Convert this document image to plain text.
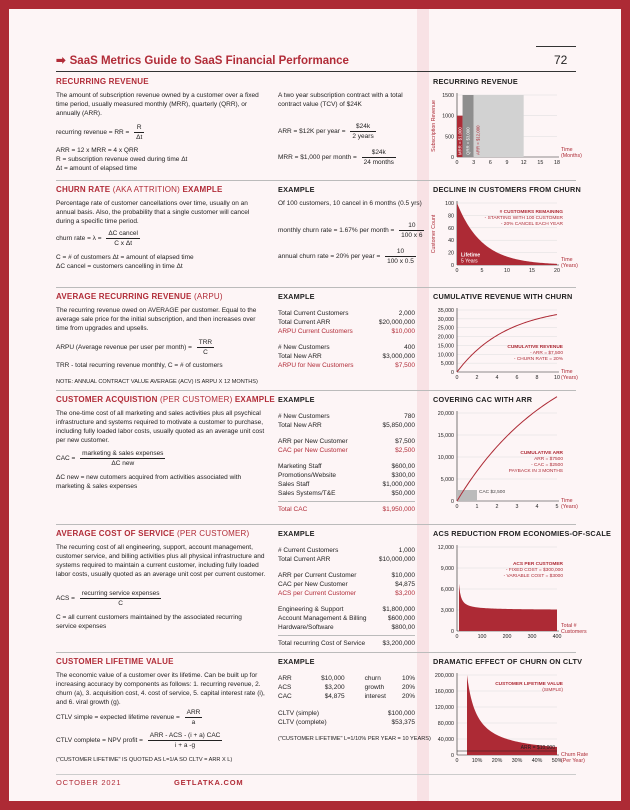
➡ SaaS Metrics Guide to SaaS Financial Performance	72
RECURRING REVENUE
The amount of subscription revenue owned by a customer over a fixed time period, usually measured monthly (MRR), quarterly (QRR), or annually (ARR).
recurring revenue = RR = $\frac{R}{\Delta t}$

ARR = 12 x MRR = 4 x QRR

R = subscription revenue owed during time Δt

Δt = amount of elapsed time

A two year subscription contract with a total contract value (TCV) of $24K
ARR = $12K per year = $\frac{\$24k}{\text{2 years}}$
MRR = $1,000 per month = $\frac{\$24k}{\text{24 months}}$
RECURRING REVENUE
0
500
1000
1500
0	3	6	9 12 15 18
Subscription Revenue	MRR = $1,000 QRR = $3,000 ARR = $12,000	Time
(Months)
CHURN RATE (AKA ATTRITION) EXAMPLE
Percentage rate of customer cancellations over time, usually on an annual basis. Also, the probability that a single customer will cancel during a specific time period.
churn rate = $\lambda = \frac{\text{ΔC cancel}}{\text{C x Δt}}$

C = # of customers Δt = amount of elapsed time

ΔC cancel = customers cancelling in time Δt

EXAMPLE
Of 100 customers, 10 cancel in 6 months (0.5 yrs)
monthly churn rate = 1.67% per month = $\frac{10}{100 x 6}$
annual churn rate = 20% per year = $\frac{10}{100 x 0.5}$
DECLINE IN CUSTOMERS FROM CHURN
0
20
40
60
80
100
0	5	10	15	20
Customer Count
Lifetime
5 Years
# CUSTOMERS REMAINING
- STARTING WITH 100 CUSTOMER
- 20% CANCEL EACH YEAR
Time
(Years)
AVERAGE RECURRING REVENUE (ARPU)
The recurring revenue owed on AVERAGE per customer. Equal to the average sale price for the initial subscription, and then increases over time from upgrades and upsells.
ARPU (Average revenue per user per month) = $\frac{\text{TRR}}{C}$
TRR - total recurring revenue monthly, C = # of customers
NOTE: ANNUAL CONTRACT VALUE AVERAGE (ACV) IS ARPU X 12 MONTHS)
EXAMPLE
Total Current Customers	2,000
Total Current ARR	$20,000,000
ARPU Current Customers	$10,000
# New Customers	400
Total New ARR	$3,000,000
ARPU for New Customers	$7,500
CUMULATIVE REVENUE WITH CHURN
0
5,000
10,000
15,000
20,000
25,000
30,000
35,000
0	2	4	6	8	10
CUMULATIVE REVENUE
- ARR = $7,500
- CHURN RATE = 20%
Time
(Years)
CUSTOMER ACQUISTION (PER CUSTOMER) EXAMPLE
The one-time cost of all marketing and sales activities plus all psychical infrastructure and systems required to motivate a customer to purchase, including fully loaded labor costs, usually quoted as an average unit cost per new customer.
CAC = $\frac{\text{marketing \& sales expenses}}{\text{ΔC new}}$
ΔC new = new cutomers acquired from activities associated with marketing & sales expenses
EXAMPLE
# New Customers	780
Total New ARR	$5,850,000
ARR per New Customer	$7,500
CAC per New Customer	$2,500
Marketing Staff	$600,00
Promotions/Website	$300,00
Sales Staff	$1,000,000
Sales Systems/T&E	$50,000
Total CAC	$1,950,000
COVERING CAC WITH ARR
0
5,000
10,000
15,000
20,000
0	1	2	3	4	5
CAC $2,500
CUMULATIVE ARR
ARR = $7500
- CAC = $2500
PAYBACK IN 3 MONTHS
Time
(Years)
AVERAGE COST OF SERVICE (PER CUSTOMER)
The recurring cost of all engineering, support, account management, customer service, and billing activities plus all physical infrastructure and systems required to maintain a current customer, including fully loaded labor costs, usually quoted as an average unit cost per current customer.
ACS = $\frac{\text{recurring service expenses}}{C}$
C = all current customers maintained by the associated recurring service expenses
EXAMPLE
# Current Customers	1,000
Total Current ARR	$10,000,000
ARR per Current Customer	$10,000
CAC per New Customer	$4,875
ACS per Current Customer	$3,200
Engineering & Support	$1,800,000
Account Management & Billing	$600,000
Hardware/Software	$800,00
Total recurring Cost of Service	$3,200,000
ACS REDUCTION FROM ECONOMIES-OF-SCALE
0
3,000
6,000
9,000
12,000
0	100	200	300	400
ACS PER CUSTOMER
- FIXED COST = $300,000
- VARIABLE COST = $3000
Total #
Customers
CUSTOMER LIFETIME VALUE
The economic value of a customer over its lifetime. Can be built up for increasing accuracy by components as follows: 1. recurring revenue, 2. churn (a), 3. acquisition cost, 4. cost of service, 5. capital interest rate (i), and 6. viral growth (g).
CTLV simple = expected lifetime revenue = $\frac{\text{ARR}}{a}$
CTLV complete = NPV profit = $\frac{\text{ARR - ACS - (i + a) CAC}}{i + a -g}$
("CUSTOMER LIFETIME" IS QUOTED AS L=1/A SO CLTV = ARR X L)
EXAMPLE
ARR	$10,000	churn	10%
ACS	$3,200	growth	20%
CAC	$4,875	interest	20%
CLTV (simple)	$100,000
CLTV (complete)	$53,375
("CUSTOMER LIFETIME" L=1/10% PER YEAR = 10 YEARS)
DRAMATIC EFFECT OF CHURN ON CLTV
0
40,000
80,000
120,000
160,000
200,000
0 10% 20% 30% 40% 50%
ARR = $10,000
CUSTOMER LIFETIME VALUE
(SIMPLE)
Churn Rate
(Per Year)
OCTOBER 2021	GETLATKA.COM
